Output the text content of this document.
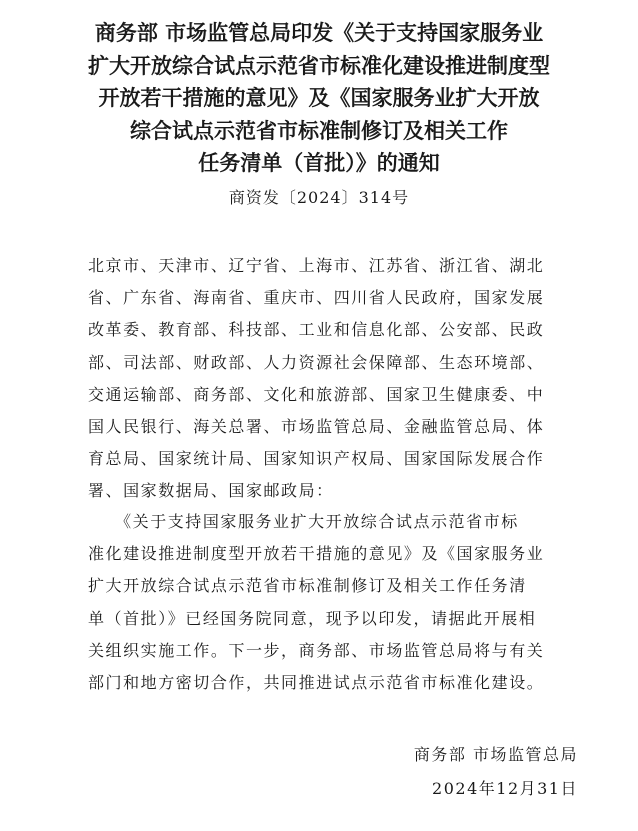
商务部 市场监管总局印发《关于支持国家服务业
扩大开放综合试点示范省市标准化建设推进制度型
开放若干措施的意见》及《国家服务业扩大开放
综合试点示范省市标准制修订及相关工作
任务清单（首批）》的通知
商资发〔2024〕314号
北京市、天津市、辽宁省、上海市、江苏省、浙江省、湖北
省、广东省、海南省、重庆市、四川省人民政府，国家发展
改革委、教育部、科技部、工业和信息化部、公安部、民政
部、司法部、财政部、人力资源社会保障部、生态环境部、
交通运输部、商务部、文化和旅游部、国家卫生健康委、中
国人民银行、海关总署、市场监管总局、金融监管总局、体
育总局、国家统计局、国家知识产权局、国家国际发展合作
署、国家数据局、国家邮政局：
　　《关于支持国家服务业扩大开放综合试点示范省市标
准化建设推进制度型开放若干措施的意见》及《国家服务业
扩大开放综合试点示范省市标准制修订及相关工作任务清
单（首批）》已经国务院同意，现予以印发，请据此开展相
关组织实施工作。下一步，商务部、市场监管总局将与有关
部门和地方密切合作，共同推进试点示范省市标准化建设。
商务部 市场监管总局
2024年12月31日
